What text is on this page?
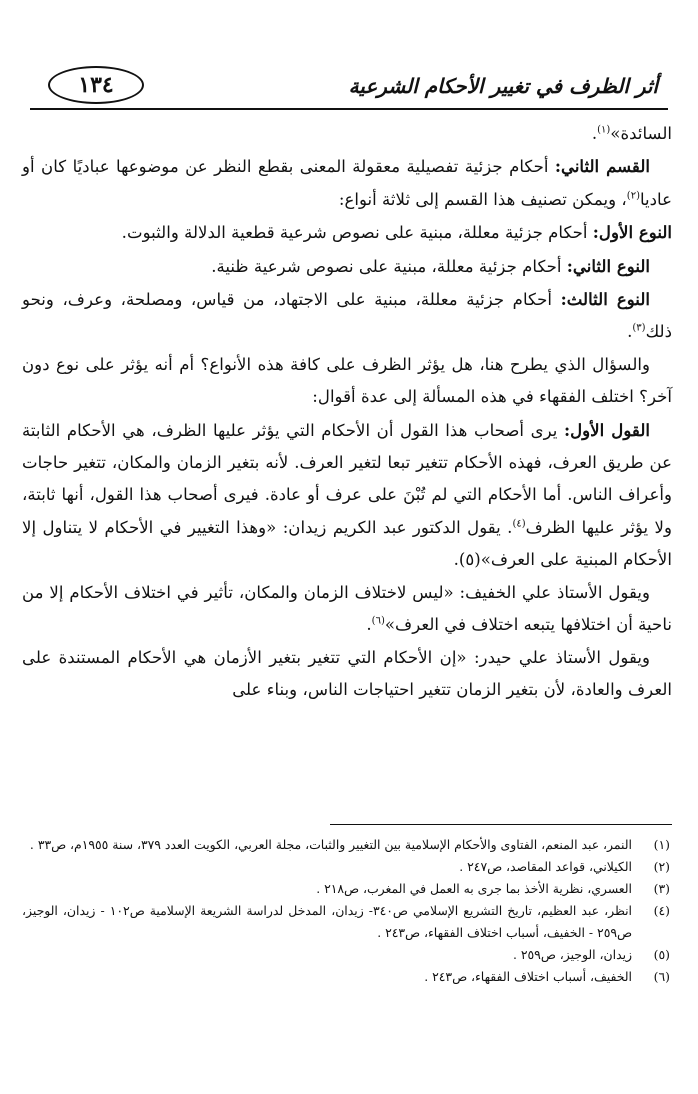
١٣٤	أثر الظرف في تغيير الأحكام الشرعية

السائدة»$^{(١)}$.

القسم الثاني: أحكام جزئية تفصيلية معقولة المعنى بقطع النظر عن موضوعها عباديًا كان أو عاديا$^{(٢)}$، ويمكن تصنيف هذا القسم إلى ثلاثة أنواع:

النوع الأول: أحكام جزئية معللة، مبنية على نصوص شرعية قطعية الدلالة والثبوت.

النوع الثاني: أحكام جزئية معللة، مبنية على نصوص شرعية ظنية.

النوع الثالث: أحكام جزئية معللة، مبنية على الاجتهاد، من قياس، ومصلحة، وعرف، ونحو ذلك$^{(٣)}$.

والسؤال الذي يطرح هنا، هل يؤثر الظرف على كافة هذه الأنواع؟ أم أنه يؤثر على نوع دون آخر؟ اختلف الفقهاء في هذه المسألة إلى عدة أقوال:

القول الأول: يرى أصحاب هذا القول أن الأحكام التي يؤثر عليها الظرف، هي الأحكام الثابتة عن طريق العرف، فهذه الأحكام تتغير تبعا لتغير العرف. لأنه بتغير الزمان والمكان، تتغير حاجات وأعراف الناس. أما الأحكام التي لم تُبْنَ على عرف أو عادة. فيرى أصحاب هذا القول، أنها ثابتة، ولا يؤثر عليها الظرف$^{(٤)}$. يقول الدكتور عبد الكريم زيدان: «وهذا التغيير في الأحكام لا يتناول إلا الأحكام المبنية على العرف»(٥).

ويقول الأستاذ علي الخفيف: «ليس لاختلاف الزمان والمكان، تأثير في اختلاف الأحكام إلا من ناحية أن اختلافها يتبعه اختلاف في العرف»$^{(٦)}$.

ويقول الأستاذ علي حيدر: «إن الأحكام التي تتغير بتغير الأزمان هي الأحكام المستندة على العرف والعادة، لأن بتغير الزمان تتغير احتياجات الناس، وبناء على

(١)
النمر، عبد المنعم، الفتاوى والأحكام الإسلامية بين التغيير والثبات، مجلة العربي، الكويت العدد ٣٧٩، سنة ١٩٥٥م، ص٣٣ .
(٢)
الكيلاني، قواعد المقاصد، ص٢٤٧ .
(٣)
العسري، نظرية الأخذ بما جرى به العمل في المغرب، ص٢١٨ .
(٤)
انظر، عبد العظيم، تاريخ التشريع الإسلامي ص٣٤٠- زيدان، المدخل لدراسة الشريعة الإسلامية ص١٠٢ - زيدان، الوجيز، ص٢٥٩ - الخفيف، أسباب اختلاف الفقهاء، ص٢٤٣ .
(٥)
زيدان، الوجيز، ص٢٥٩ .
(٦)
الخفيف، أسباب اختلاف الفقهاء، ص٢٤٣ .
